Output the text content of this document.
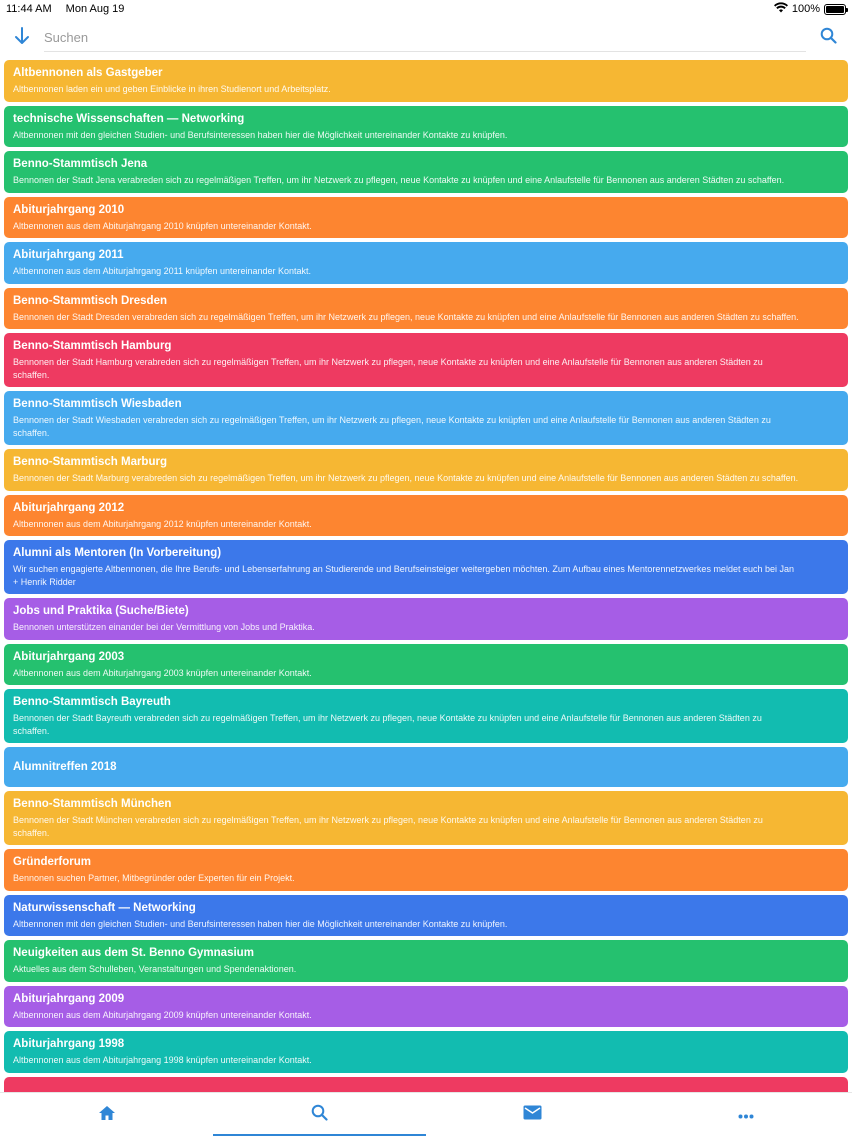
11:44 AM Mon Aug 19	100%
Suchen
Altbennonen als Gastgeber
Altbennonen laden ein und geben Einblicke in ihren Studienort und Arbeitsplatz.
technische Wissenschaften — Networking
Altbennonen mit den gleichen Studien- und Berufsinteressen haben hier die Möglichkeit untereinander Kontakte zu knüpfen.
Benno-Stammtisch Jena
Bennonen der Stadt Jena verabreden sich zu regelmäßigen Treffen, um ihr Netzwerk zu pflegen, neue Kontakte zu knüpfen und eine Anlaufstelle für Bennonen aus anderen Städten zu schaffen.
Abiturjahrgang 2010
Altbennonen aus dem Abiturjahrgang 2010 knüpfen untereinander Kontakt.
Abiturjahrgang 2011
Altbennonen aus dem Abiturjahrgang 2011 knüpfen untereinander Kontakt.
Benno-Stammtisch Dresden
Bennonen der Stadt Dresden verabreden sich zu regelmäßigen Treffen, um ihr Netzwerk zu pflegen, neue Kontakte zu knüpfen und eine Anlaufstelle für Bennonen aus anderen Städten zu schaffen.
Benno-Stammtisch Hamburg
Bennonen der Stadt Hamburg verabreden sich zu regelmäßigen Treffen, um ihr Netzwerk zu pflegen, neue Kontakte zu knüpfen und eine Anlaufstelle für Bennonen aus anderen Städten zu schaffen.
Benno-Stammtisch Wiesbaden
Bennonen der Stadt Wiesbaden verabreden sich zu regelmäßigen Treffen, um ihr Netzwerk zu pflegen, neue Kontakte zu knüpfen und eine Anlaufstelle für Bennonen aus anderen Städten zu schaffen.
Benno-Stammtisch Marburg
Bennonen der Stadt Marburg verabreden sich zu regelmäßigen Treffen, um ihr Netzwerk zu pflegen, neue Kontakte zu knüpfen und eine Anlaufstelle für Bennonen aus anderen Städten zu schaffen.
Abiturjahrgang 2012
Altbennonen aus dem Abiturjahrgang 2012 knüpfen untereinander Kontakt.
Alumni als Mentoren (In Vorbereitung)
Wir suchen engagierte Altbennonen, die Ihre Berufs- und Lebenserfahrung an Studierende und Berufseinsteiger weitergeben möchten. Zum Aufbau eines Mentorennetzwerkes meldet euch bei Jan + Henrik Ridder
Jobs und Praktika (Suche/Biete)
Bennonen unterstützen einander bei der Vermittlung von Jobs und Praktika.
Abiturjahrgang 2003
Altbennonen aus dem Abiturjahrgang 2003 knüpfen untereinander Kontakt.
Benno-Stammtisch Bayreuth
Bennonen der Stadt Bayreuth verabreden sich zu regelmäßigen Treffen, um ihr Netzwerk zu pflegen, neue Kontakte zu knüpfen und eine Anlaufstelle für Bennonen aus anderen Städten zu schaffen.
Alumnitreffen 2018
Benno-Stammtisch München
Bennonen der Stadt München verabreden sich zu regelmäßigen Treffen, um ihr Netzwerk zu pflegen, neue Kontakte zu knüpfen und eine Anlaufstelle für Bennonen aus anderen Städten zu schaffen.
Gründerforum
Bennonen suchen Partner, Mitbegründer oder Experten für ein Projekt.
Naturwissenschaft — Networking
Altbennonen mit den gleichen Studien- und Berufsinteressen haben hier die Möglichkeit untereinander Kontakte zu knüpfen.
Neuigkeiten aus dem St. Benno Gymnasium
Aktuelles aus dem Schulleben, Veranstaltungen und Spendenaktionen.
Abiturjahrgang 2009
Altbennonen aus dem Abiturjahrgang 2009 knüpfen untereinander Kontakt.
Abiturjahrgang 1998
Altbennonen aus dem Abiturjahrgang 1998 knüpfen untereinander Kontakt.
